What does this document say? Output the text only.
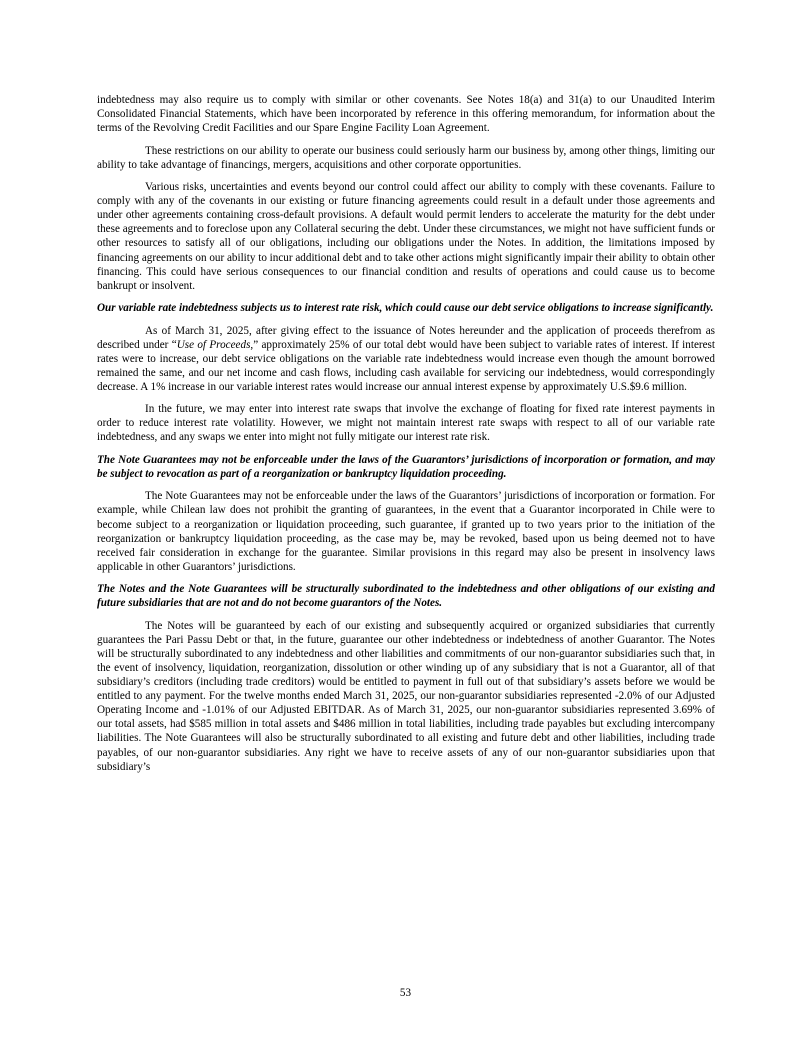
indebtedness may also require us to comply with similar or other covenants. See Notes 18(a) and 31(a) to our Unaudited Interim Consolidated Financial Statements, which have been incorporated by reference in this offering memorandum, for information about the terms of the Revolving Credit Facilities and our Spare Engine Facility Loan Agreement.

These restrictions on our ability to operate our business could seriously harm our business by, among other things, limiting our ability to take advantage of financings, mergers, acquisitions and other corporate opportunities.

Various risks, uncertainties and events beyond our control could affect our ability to comply with these covenants. Failure to comply with any of the covenants in our existing or future financing agreements could result in a default under those agreements and under other agreements containing cross-default provisions. A default would permit lenders to accelerate the maturity for the debt under these agreements and to foreclose upon any Collateral securing the debt. Under these circumstances, we might not have sufficient funds or other resources to satisfy all of our obligations, including our obligations under the Notes. In addition, the limitations imposed by financing agreements on our ability to incur additional debt and to take other actions might significantly impair their ability to obtain other financing. This could have serious consequences to our financial condition and results of operations and could cause us to become bankrupt or insolvent.

Our variable rate indebtedness subjects us to interest rate risk, which could cause our debt service obligations to increase significantly.

As of March 31, 2025, after giving effect to the issuance of Notes hereunder and the application of proceeds therefrom as described under “Use of Proceeds,” approximately 25% of our total debt would have been subject to variable rates of interest. If interest rates were to increase, our debt service obligations on the variable rate indebtedness would increase even though the amount borrowed remained the same, and our net income and cash flows, including cash available for servicing our indebtedness, would correspondingly decrease. A 1% increase in our variable interest rates would increase our annual interest expense by approximately U.S.$9.6 million.

In the future, we may enter into interest rate swaps that involve the exchange of floating for fixed rate interest payments in order to reduce interest rate volatility. However, we might not maintain interest rate swaps with respect to all of our variable rate indebtedness, and any swaps we enter into might not fully mitigate our interest rate risk.

The Note Guarantees may not be enforceable under the laws of the Guarantors’ jurisdictions of incorporation or formation, and may be subject to revocation as part of a reorganization or bankruptcy liquidation proceeding.

The Note Guarantees may not be enforceable under the laws of the Guarantors’ jurisdictions of incorporation or formation. For example, while Chilean law does not prohibit the granting of guarantees, in the event that a Guarantor incorporated in Chile were to become subject to a reorganization or liquidation proceeding, such guarantee, if granted up to two years prior to the initiation of the reorganization or bankruptcy liquidation proceeding, as the case may be, may be revoked, based upon us being deemed not to have received fair consideration in exchange for the guarantee. Similar provisions in this regard may also be present in insolvency laws applicable in other Guarantors’ jurisdictions.

The Notes and the Note Guarantees will be structurally subordinated to the indebtedness and other obligations of our existing and future subsidiaries that are not and do not become guarantors of the Notes.

The Notes will be guaranteed by each of our existing and subsequently acquired or organized subsidiaries that currently guarantees the Pari Passu Debt or that, in the future, guarantee our other indebtedness or indebtedness of another Guarantor. The Notes will be structurally subordinated to any indebtedness and other liabilities and commitments of our non-guarantor subsidiaries such that, in the event of insolvency, liquidation, reorganization, dissolution or other winding up of any subsidiary that is not a Guarantor, all of that subsidiary’s creditors (including trade creditors) would be entitled to payment in full out of that subsidiary’s assets before we would be entitled to any payment. For the twelve months ended March 31, 2025, our non-guarantor subsidiaries represented -2.0% of our Adjusted Operating Income and -1.01% of our Adjusted EBITDAR. As of March 31, 2025, our non-guarantor subsidiaries represented 3.69% of our total assets, had $585 million in total assets and $486 million in total liabilities, including trade payables but excluding intercompany liabilities. The Note Guarantees will also be structurally subordinated to all existing and future debt and other liabilities, including trade payables, of our non-guarantor subsidiaries. Any right we have to receive assets of any of our non-guarantor subsidiaries upon that subsidiary’s

53
